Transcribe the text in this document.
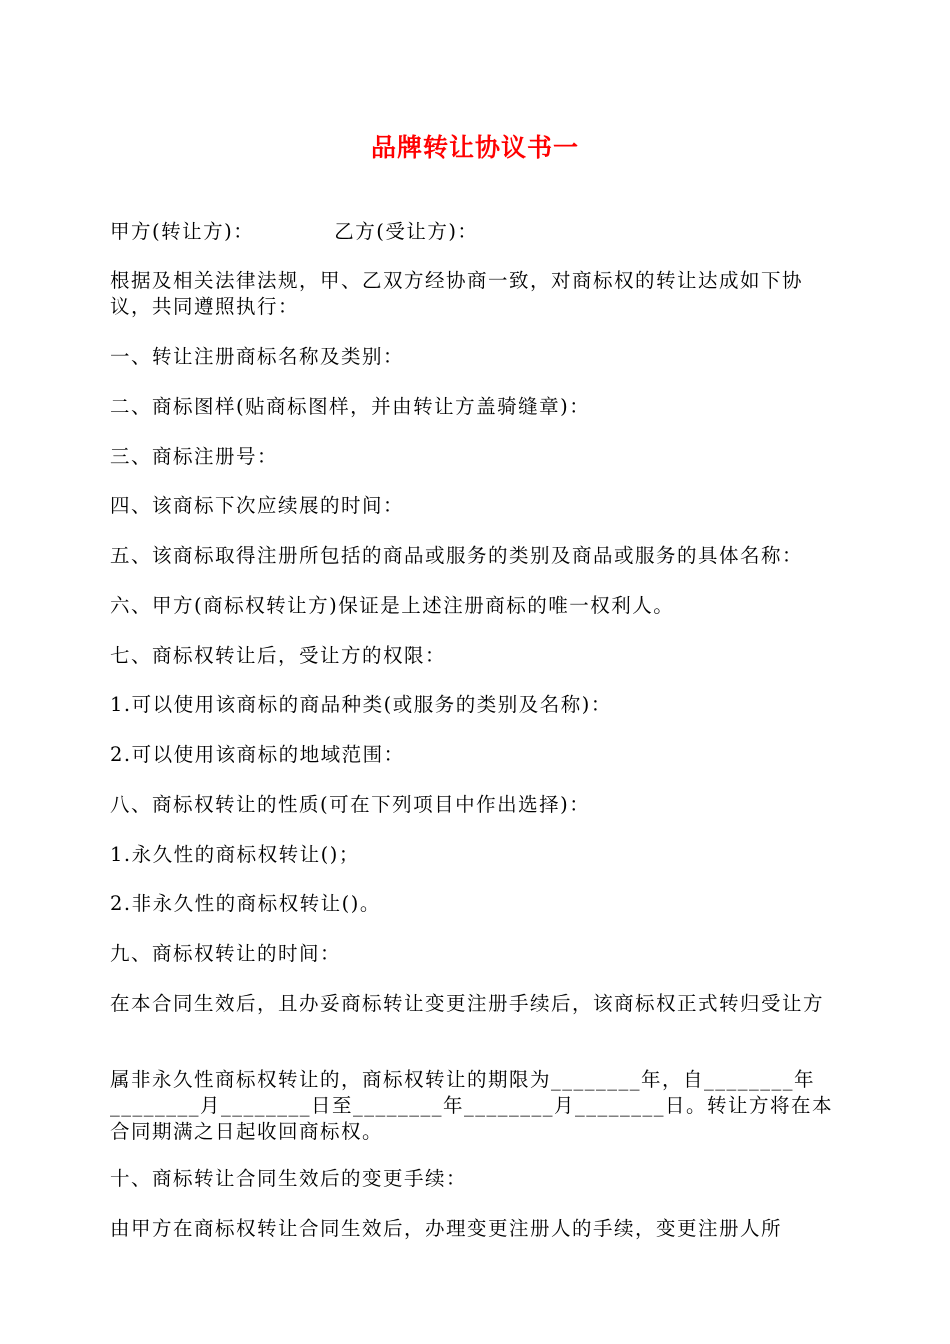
品牌转让协议书一
甲方(转让方)：	乙方(受让方)：
根据及相关法律法规，甲、乙双方经协商一致，对商标权的转让达成如下协议，共同遵照执行：
一、转让注册商标名称及类别：
二、商标图样(贴商标图样，并由转让方盖骑缝章)：
三、商标注册号：
四、该商标下次应续展的时间：
五、该商标取得注册所包括的商品或服务的类别及商品或服务的具体名称：
六、甲方(商标权转让方)保证是上述注册商标的唯一权利人。
七、商标权转让后，受让方的权限：
1.可以使用该商标的商品种类(或服务的类别及名称)：
2.可以使用该商标的地域范围：
八、商标权转让的性质(可在下列项目中作出选择)：
1.永久性的商标权转让()；
2.非永久性的商标权转让()。
九、商标权转让的时间：
在本合同生效后，且办妥商标转让变更注册手续后，该商标权正式转归受让方
属非永久性商标权转让的，商标权转让的期限为________年，自________年________月________日至________年________月________日。转让方将在本合同期满之日起收回商标权。
十、商标转让合同生效后的变更手续：
由甲方在商标权转让合同生效后，办理变更注册人的手续，变更注册人所
